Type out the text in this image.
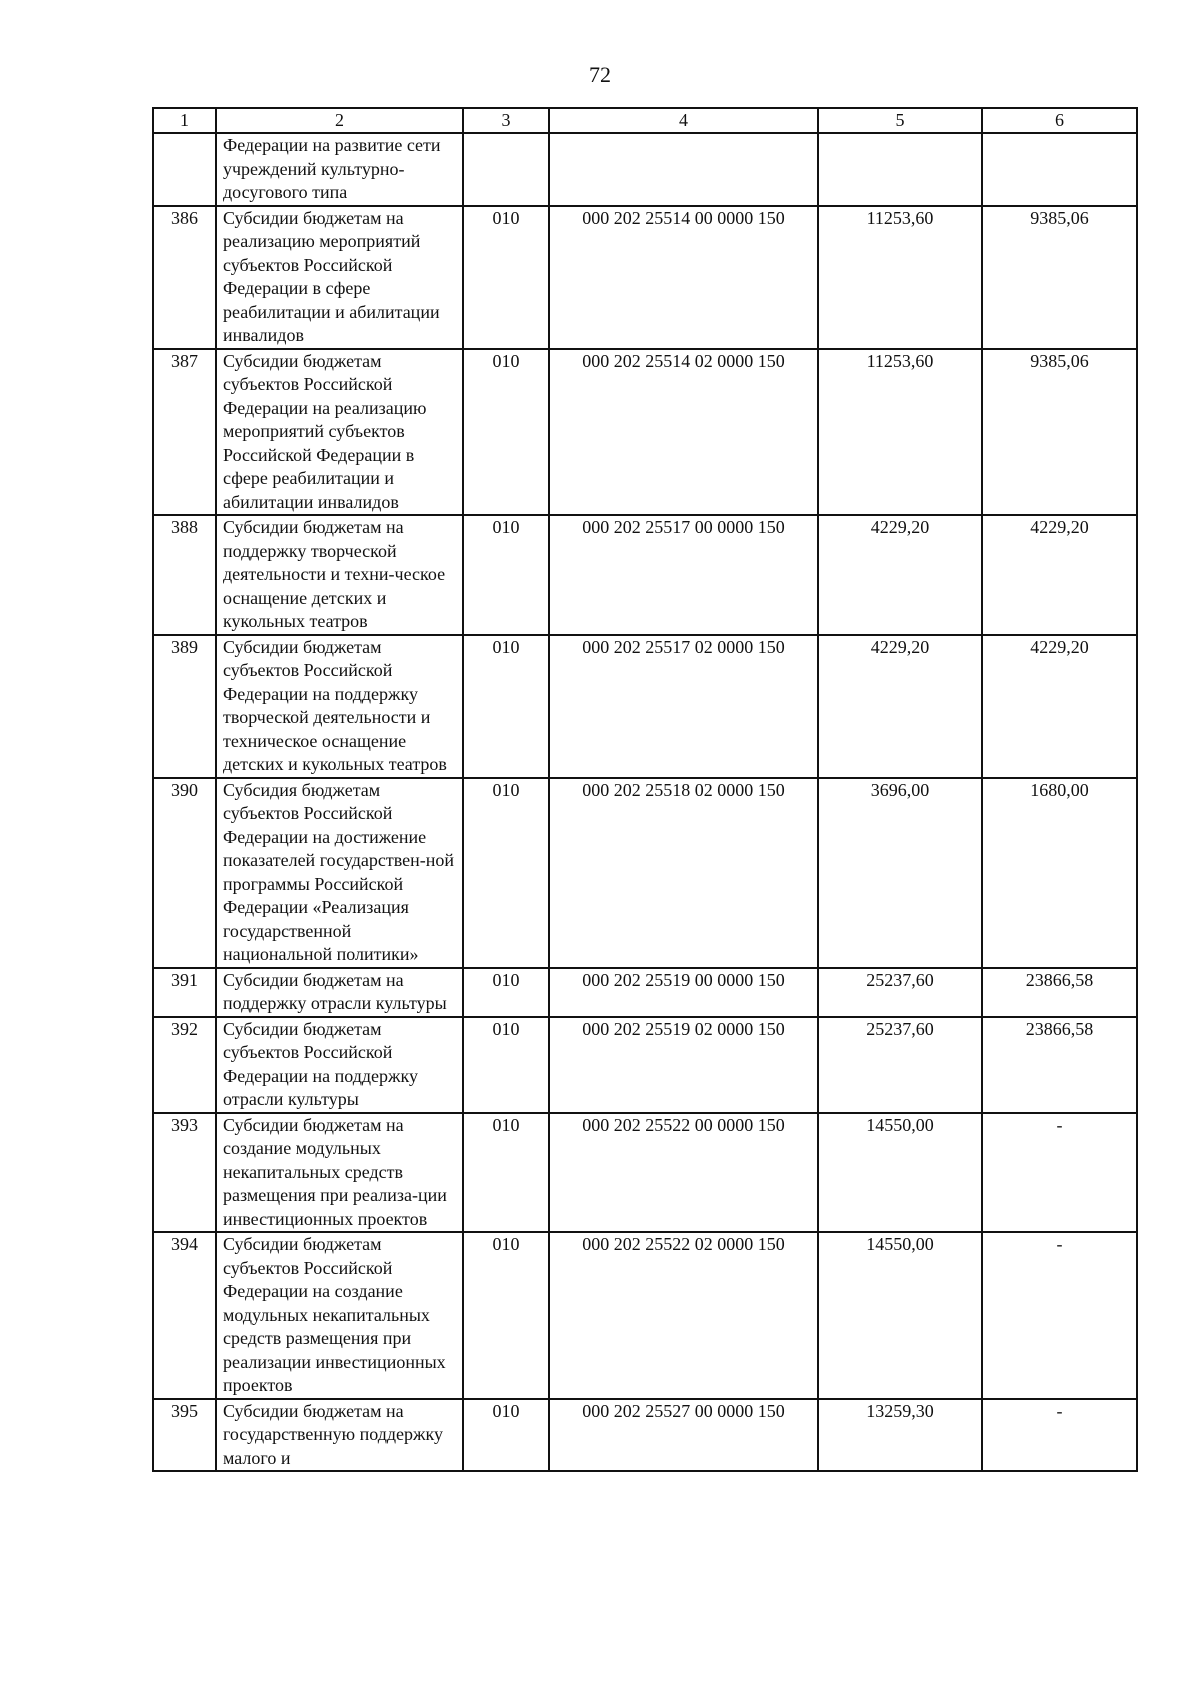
72
1	2	3	4	5	6
	Федерации на развитие сети учреждений культурно-досугового типа				
386	Субсидии бюджетам на реализацию мероприятий субъектов Российской Федерации в сфере реабилитации и абилитации инвалидов	010	000 202 25514 00 0000 150	11253,60	9385,06
387	Субсидии бюджетам субъектов Российской Федерации на реализацию мероприятий субъектов Российской Федерации в сфере реабилитации и абилитации инвалидов	010	000 202 25514 02 0000 150	11253,60	9385,06
388	Субсидии бюджетам на поддержку творческой деятельности и техни-ческое оснащение детских и кукольных театров	010	000 202 25517 00 0000 150	4229,20	4229,20
389	Субсидии бюджетам субъектов Российской Федерации на поддержку творческой деятельности и техническое оснащение детских и кукольных театров	010	000 202 25517 02 0000 150	4229,20	4229,20
390	Субсидия бюджетам субъектов Российской Федерации на достижение показателей государствен-ной программы Российской Федерации «Реализация государственной национальной политики»	010	000 202 25518 02 0000 150	3696,00	1680,00
391	Субсидии бюджетам на поддержку отрасли культуры	010	000 202 25519 00 0000 150	25237,60	23866,58
392	Субсидии бюджетам субъектов Российской Федерации на поддержку отрасли культуры	010	000 202 25519 02 0000 150	25237,60	23866,58
393	Субсидии бюджетам на создание модульных некапитальных средств размещения при реализа-ции инвестиционных проектов	010	000 202 25522 00 0000 150	14550,00	-
394	Субсидии бюджетам субъектов Российской Федерации на создание модульных некапитальных средств размещения при реализации инвестиционных проектов	010	000 202 25522 02 0000 150	14550,00	-
395	Субсидии бюджетам на государственную поддержку малого и	010	000 202 25527 00 0000 150	13259,30	-
